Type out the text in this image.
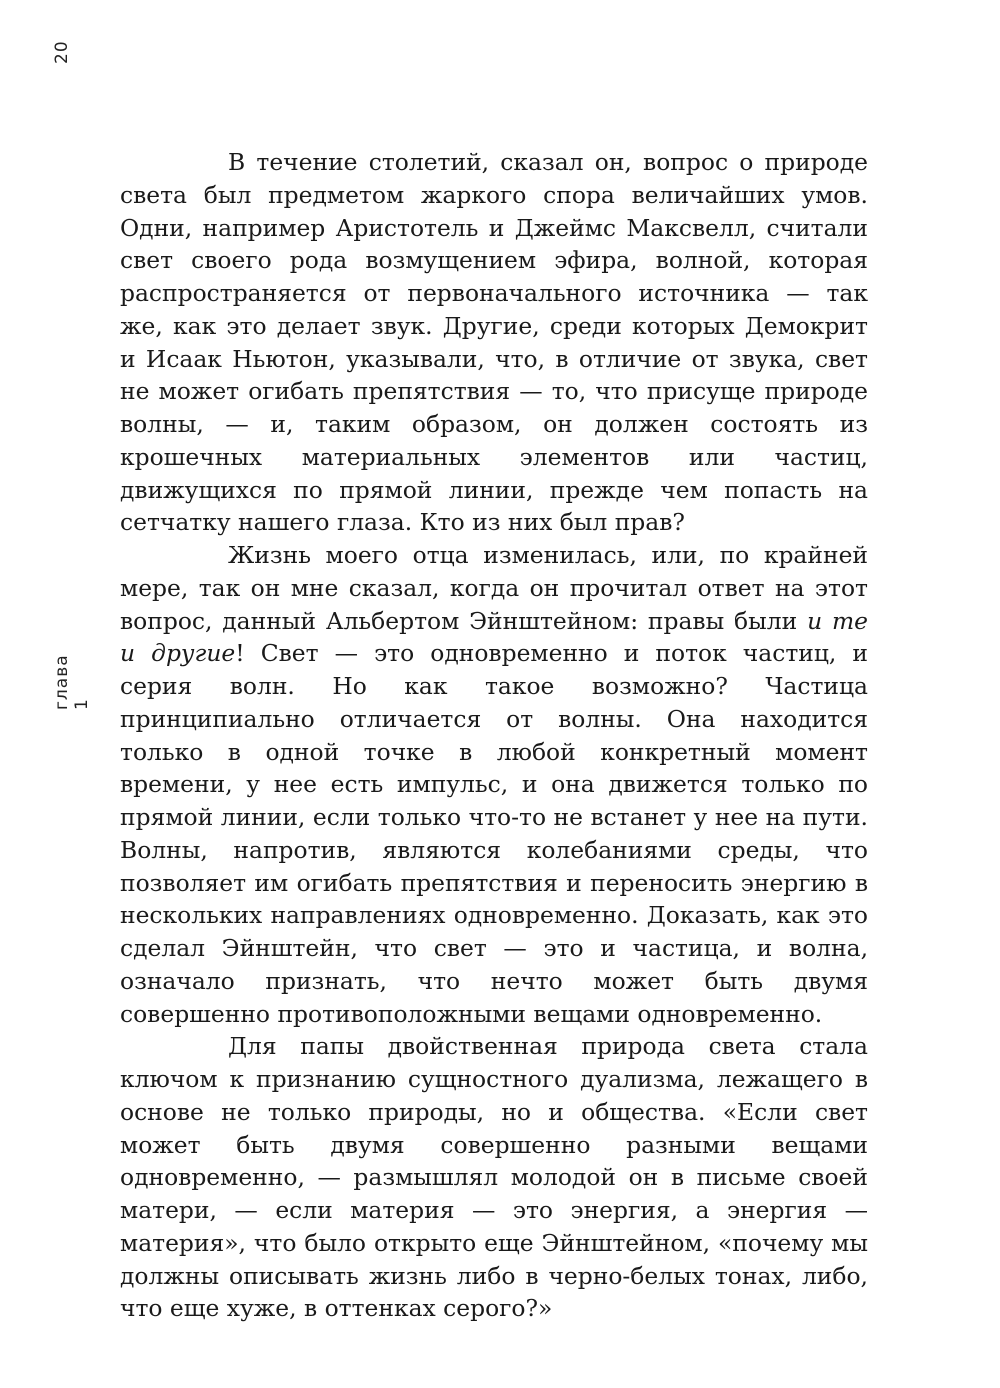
20
глава 1

В течение столетий, сказал он, вопрос о природе света был предметом жаркого спора величайших умов. Одни, например Аристотель и Джеймс Максвелл, считали свет своего рода возмущением эфира, волной, которая распространяется от первоначального источника — так же, как это делает звук. Другие, среди которых Демокрит и Исаак Ньютон, указывали, что, в отличие от звука, свет не может огибать препятствия — то, что присуще природе волны, — и, таким образом, он должен состоять из крошечных материальных элементов или частиц, движущихся по прямой линии, прежде чем попасть на сетчатку нашего глаза. Кто из них был прав?

Жизнь моего отца изменилась, или, по крайней мере, так он мне сказал, когда он прочитал ответ на этот вопрос, данный Альбертом Эйнштейном: правы были и те и другие! Свет — это одновременно и поток частиц, и серия волн. Но как такое возможно? Частица принципиально отличается от волны. Она находится только в одной точке в любой конкретный момент времени, у нее есть импульс, и она движется только по прямой линии, если только что-то не встанет у нее на пути. Волны, напротив, являются колебаниями среды, что позволяет им огибать препятствия и переносить энергию в нескольких направлениях одновременно. Доказать, как это сделал Эйнштейн, что свет — это и частица, и волна, означало признать, что нечто может быть двумя совершенно противоположными вещами одновременно.

Для папы двойственная природа света стала ключом к признанию сущностного дуализма, лежащего в основе не только природы, но и общества. «Если свет может быть двумя совершенно разными вещами одновременно, — размышлял молодой он в письме своей матери, — если материя — это энергия, а энергия — материя», что было открыто еще Эйнштейном, «почему мы должны описывать жизнь либо в черно-белых тонах, либо, что еще хуже, в оттенках серого?»
